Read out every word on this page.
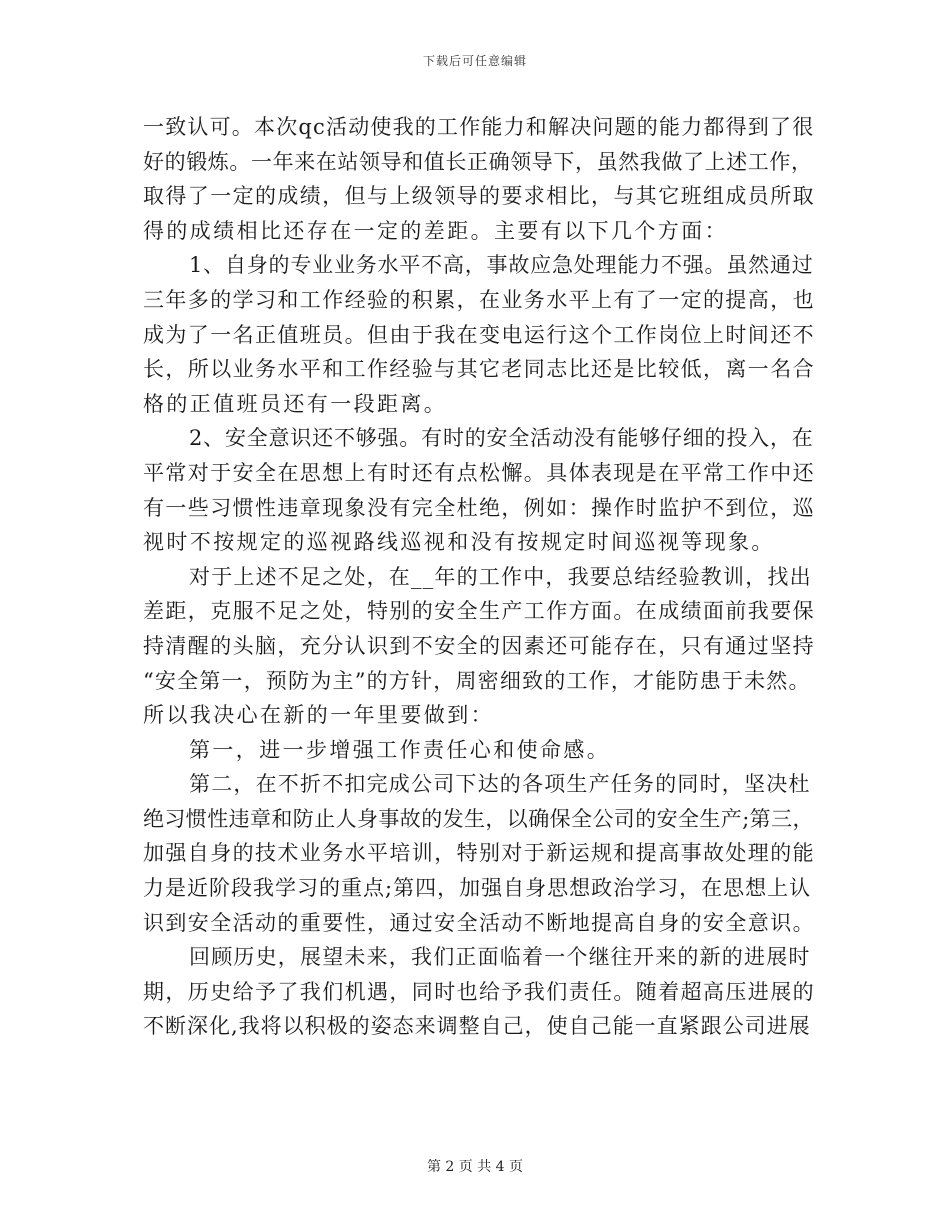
下载后可任意编辑
一致认可。本次qc活动使我的工作能力和解决问题的能力都得到了很
好的锻炼。一年来在站领导和值长正确领导下，虽然我做了上述工作，
取得了一定的成绩，但与上级领导的要求相比，与其它班组成员所取
得的成绩相比还存在一定的差距。主要有以下几个方面：
1、自身的专业业务水平不高，事故应急处理能力不强。虽然通过
三年多的学习和工作经验的积累，在业务水平上有了一定的提高，也
成为了一名正值班员。但由于我在变电运行这个工作岗位上时间还不
长，所以业务水平和工作经验与其它老同志比还是比较低，离一名合
格的正值班员还有一段距离。
2、安全意识还不够强。有时的安全活动没有能够仔细的投入，在
平常对于安全在思想上有时还有点松懈。具体表现是在平常工作中还
有一些习惯性违章现象没有完全杜绝，例如：操作时监护不到位，巡
视时不按规定的巡视路线巡视和没有按规定时间巡视等现象。
对于上述不足之处，在__年的工作中，我要总结经验教训，找出
差距，克服不足之处，特别的安全生产工作方面。在成绩面前我要保
持清醒的头脑，充分认识到不安全的因素还可能存在，只有通过坚持
“安全第一，预防为主”的方针，周密细致的工作，才能防患于未然。
所以我决心在新的一年里要做到：
第一，进一步增强工作责任心和使命感。
第二，在不折不扣完成公司下达的各项生产任务的同时，坚决杜
绝习惯性违章和防止人身事故的发生，以确保全公司的安全生产;第三，
加强自身的技术业务水平培训，特别对于新运规和提高事故处理的能
力是近阶段我学习的重点;第四，加强自身思想政治学习，在思想上认
识到安全活动的重要性，通过安全活动不断地提高自身的安全意识。
回顾历史，展望未来，我们正面临着一个继往开来的新的进展时
期，历史给予了我们机遇，同时也给予我们责任。随着超高压进展的
不断深化,我将以积极的姿态来调整自己，使自己能一直紧跟公司进展
第 2 页 共 4 页
